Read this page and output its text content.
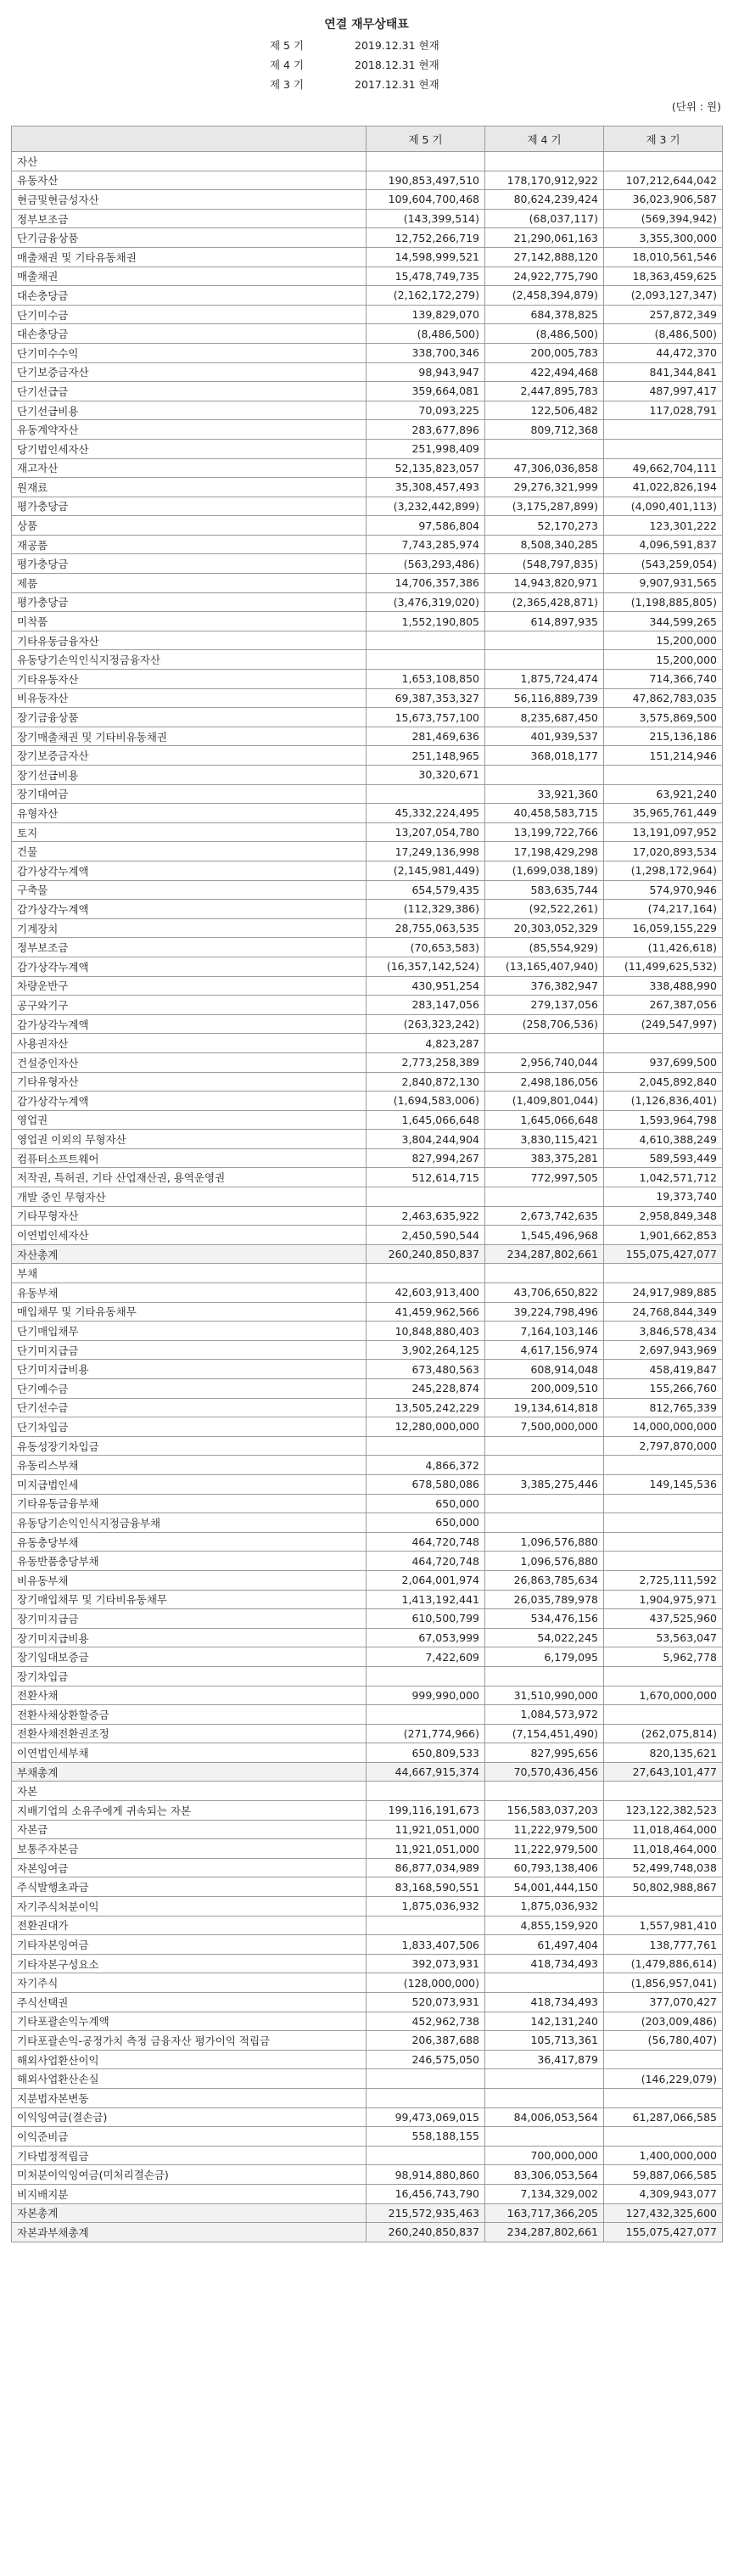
연결 재무상태표
제 5 기	2019.12.31 현재
제 4 기	2018.12.31 현재
제 3 기	2017.12.31 현재
(단위 : 원)
	제 5 기	제 4 기	제 3 기
자산			
유동자산	190,853,497,510	178,170,912,922	107,212,644,042
현금및현금성자산	109,604,700,468	80,624,239,424	36,023,906,587
정부보조금	(143,399,514)	(68,037,117)	(569,394,942)
단기금융상품	12,752,266,719	21,290,061,163	3,355,300,000
매출채권 및 기타유동채권	14,598,999,521	27,142,888,120	18,010,561,546
매출채권	15,478,749,735	24,922,775,790	18,363,459,625
대손충당금	(2,162,172,279)	(2,458,394,879)	(2,093,127,347)
단기미수금	139,829,070	684,378,825	257,872,349
대손충당금	(8,486,500)	(8,486,500)	(8,486,500)
단기미수수익	338,700,346	200,005,783	44,472,370
단기보증금자산	98,943,947	422,494,468	841,344,841
단기선급금	359,664,081	2,447,895,783	487,997,417
단기선급비용	70,093,225	122,506,482	117,028,791
유동계약자산	283,677,896	809,712,368	
당기법인세자산	251,998,409		
재고자산	52,135,823,057	47,306,036,858	49,662,704,111
원재료	35,308,457,493	29,276,321,999	41,022,826,194
평가충당금	(3,232,442,899)	(3,175,287,899)	(4,090,401,113)
상품	97,586,804	52,170,273	123,301,222
재공품	7,743,285,974	8,508,340,285	4,096,591,837
평가충당금	(563,293,486)	(548,797,835)	(543,259,054)
제품	14,706,357,386	14,943,820,971	9,907,931,565
평가충당금	(3,476,319,020)	(2,365,428,871)	(1,198,885,805)
미착품	1,552,190,805	614,897,935	344,599,265
기타유동금융자산			15,200,000
유동당기손익인식지정금융자산			15,200,000
기타유동자산	1,653,108,850	1,875,724,474	714,366,740
비유동자산	69,387,353,327	56,116,889,739	47,862,783,035
장기금융상품	15,673,757,100	8,235,687,450	3,575,869,500
장기매출채권 및 기타비유동채권	281,469,636	401,939,537	215,136,186
장기보증금자산	251,148,965	368,018,177	151,214,946
장기선급비용	30,320,671		
장기대여금		33,921,360	63,921,240
유형자산	45,332,224,495	40,458,583,715	35,965,761,449
토지	13,207,054,780	13,199,722,766	13,191,097,952
건물	17,249,136,998	17,198,429,298	17,020,893,534
감가상각누계액	(2,145,981,449)	(1,699,038,189)	(1,298,172,964)
구축물	654,579,435	583,635,744	574,970,946
감가상각누계액	(112,329,386)	(92,522,261)	(74,217,164)
기계장치	28,755,063,535	20,303,052,329	16,059,155,229
정부보조금	(70,653,583)	(85,554,929)	(11,426,618)
감가상각누계액	(16,357,142,524)	(13,165,407,940)	(11,499,625,532)
차량운반구	430,951,254	376,382,947	338,488,990
공구와기구	283,147,056	279,137,056	267,387,056
감가상각누계액	(263,323,242)	(258,706,536)	(249,547,997)
사용권자산	4,823,287		
건설중인자산	2,773,258,389	2,956,740,044	937,699,500
기타유형자산	2,840,872,130	2,498,186,056	2,045,892,840
감가상각누계액	(1,694,583,006)	(1,409,801,044)	(1,126,836,401)
영업권	1,645,066,648	1,645,066,648	1,593,964,798
영업권 이외의 무형자산	3,804,244,904	3,830,115,421	4,610,388,249
컴퓨터소프트웨어	827,994,267	383,375,281	589,593,449
저작권, 특허권, 기타 산업재산권, 용역운영권	512,614,715	772,997,505	1,042,571,712
개발 중인 무형자산			19,373,740
기타무형자산	2,463,635,922	2,673,742,635	2,958,849,348
이연법인세자산	2,450,590,544	1,545,496,968	1,901,662,853
자산총계	260,240,850,837	234,287,802,661	155,075,427,077
부채			
유동부채	42,603,913,400	43,706,650,822	24,917,989,885
매입채무 및 기타유동채무	41,459,962,566	39,224,798,496	24,768,844,349
단기매입채무	10,848,880,403	7,164,103,146	3,846,578,434
단기미지급금	3,902,264,125	4,617,156,974	2,697,943,969
단기미지급비용	673,480,563	608,914,048	458,419,847
단기예수금	245,228,874	200,009,510	155,266,760
단기선수금	13,505,242,229	19,134,614,818	812,765,339
단기차입금	12,280,000,000	7,500,000,000	14,000,000,000
유동성장기차입금			2,797,870,000
유동리스부채	4,866,372		
미지급법인세	678,580,086	3,385,275,446	149,145,536
기타유동금융부채	650,000		
유동당기손익인식지정금융부채	650,000		
유동충당부채	464,720,748	1,096,576,880	
유동반품충당부채	464,720,748	1,096,576,880	
비유동부채	2,064,001,974	26,863,785,634	2,725,111,592
장기매입채무 및 기타비유동채무	1,413,192,441	26,035,789,978	1,904,975,971
장기미지급금	610,500,799	534,476,156	437,525,960
장기미지급비용	67,053,999	54,022,245	53,563,047
장기임대보증금	7,422,609	6,179,095	5,962,778
장기차입금			
전환사채	999,990,000	31,510,990,000	1,670,000,000
전환사채상환할증금		1,084,573,972	
전환사채전환권조정	(271,774,966)	(7,154,451,490)	(262,075,814)
이연법인세부채	650,809,533	827,995,656	820,135,621
부채총계	44,667,915,374	70,570,436,456	27,643,101,477
자본			
지배기업의 소유주에게 귀속되는 자본	199,116,191,673	156,583,037,203	123,122,382,523
자본금	11,921,051,000	11,222,979,500	11,018,464,000
보통주자본금	11,921,051,000	11,222,979,500	11,018,464,000
자본잉여금	86,877,034,989	60,793,138,406	52,499,748,038
주식발행초과금	83,168,590,551	54,001,444,150	50,802,988,867
자기주식처분이익	1,875,036,932	1,875,036,932	
전환권대가		4,855,159,920	1,557,981,410
기타자본잉여금	1,833,407,506	61,497,404	138,777,761
기타자본구성요소	392,073,931	418,734,493	(1,479,886,614)
자기주식	(128,000,000)		(1,856,957,041)
주식선택권	520,073,931	418,734,493	377,070,427
기타포괄손익누계액	452,962,738	142,131,240	(203,009,486)
기타포괄손익-공정가치 측정 금융자산 평가이익 적립금	206,387,688	105,713,361	(56,780,407)
해외사업환산이익	246,575,050	36,417,879	
해외사업환산손실			(146,229,079)
지분법자본변동			
이익잉여금(결손금)	99,473,069,015	84,006,053,564	61,287,066,585
이익준비금	558,188,155		
기타법정적립금		700,000,000	1,400,000,000
미처분이익잉여금(미처리결손금)	98,914,880,860	83,306,053,564	59,887,066,585
비지배지분	16,456,743,790	7,134,329,002	4,309,943,077
자본총계	215,572,935,463	163,717,366,205	127,432,325,600
자본과부채총계	260,240,850,837	234,287,802,661	155,075,427,077
